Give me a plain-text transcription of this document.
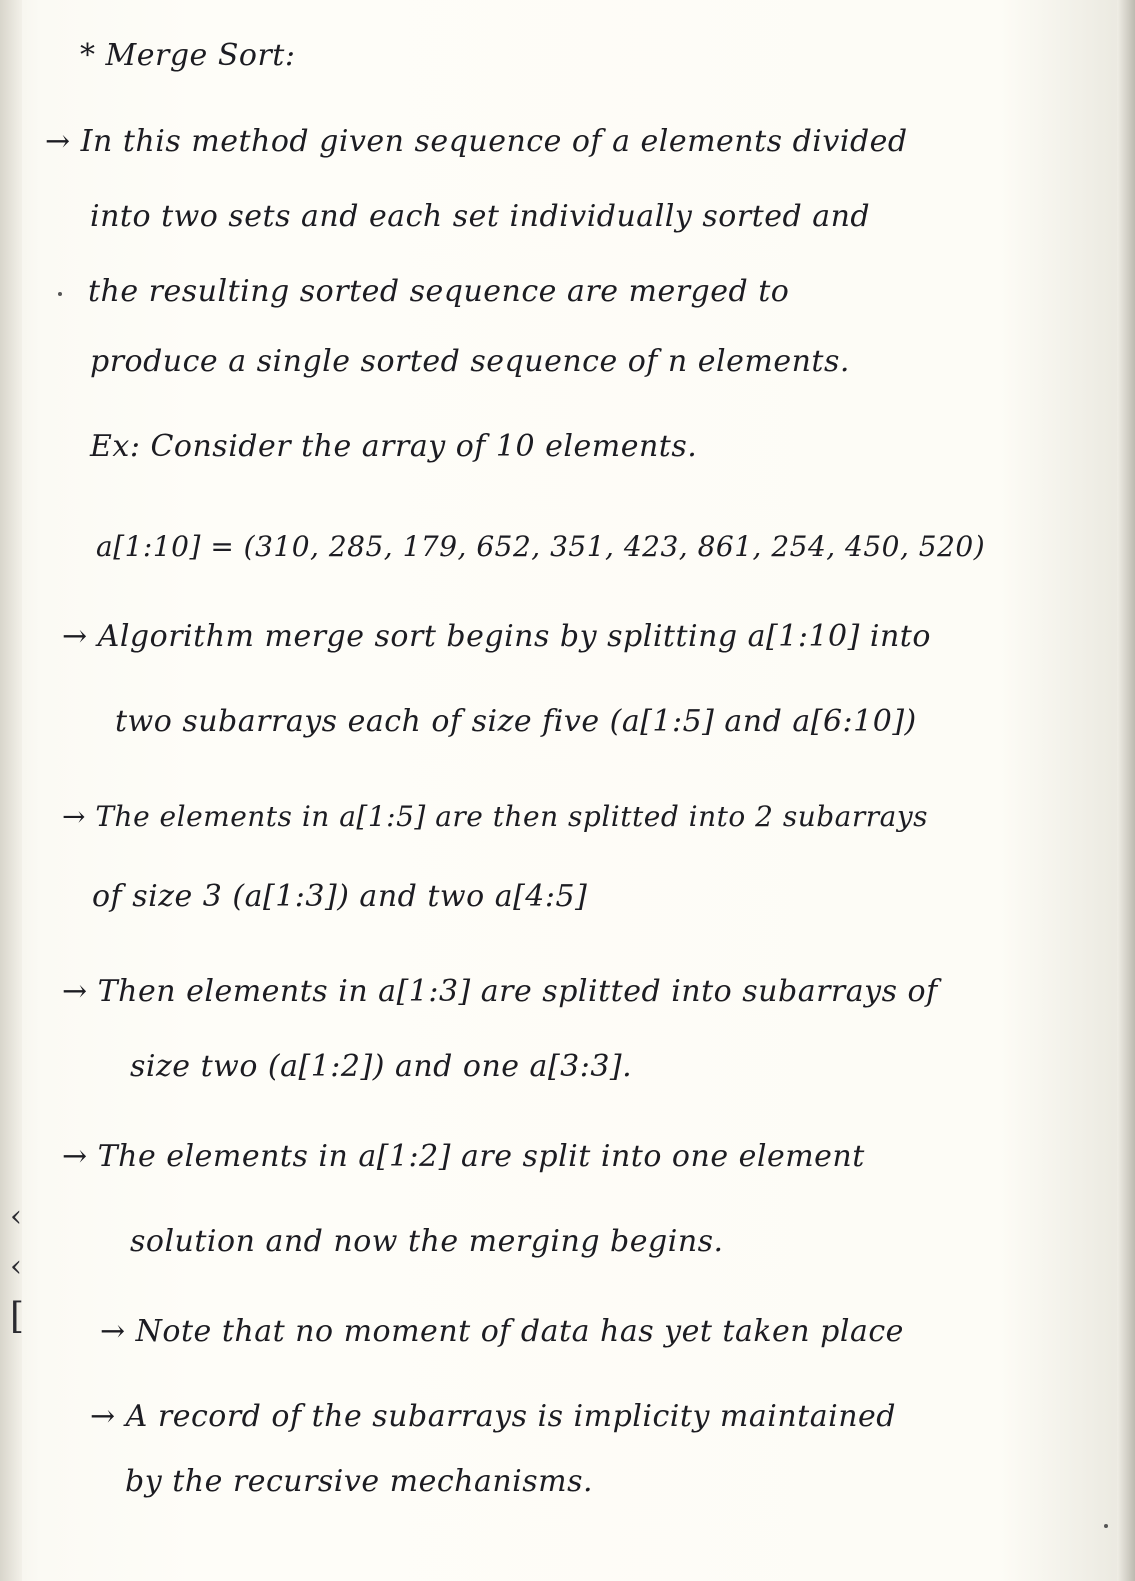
* Merge Sort:
→ In this method given sequence of a elements divided
into two sets and each set individually sorted and
the resulting sorted sequence are merged to
produce a single sorted sequence of n elements.
Ex: Consider the array of 10 elements.
a[1:10] = (310, 285, 179, 652, 351, 423, 861, 254, 450, 520)
→ Algorithm merge sort begins by splitting a[1:10] into
two subarrays each of size five (a[1:5] and a[6:10])
→ The elements in a[1:5] are then splitted into 2 subarrays
of size 3 (a[1:3]) and two a[4:5]
→ Then elements in a[1:3] are splitted into subarrays of
size two (a[1:2]) and one a[3:3].
→ The elements in a[1:2] are split into one element
solution and now the merging begins.
→ Note that no moment of data has yet taken place
→ A record of the subarrays is implicity maintained
by the recursive mechanisms.
‹
‹
[
